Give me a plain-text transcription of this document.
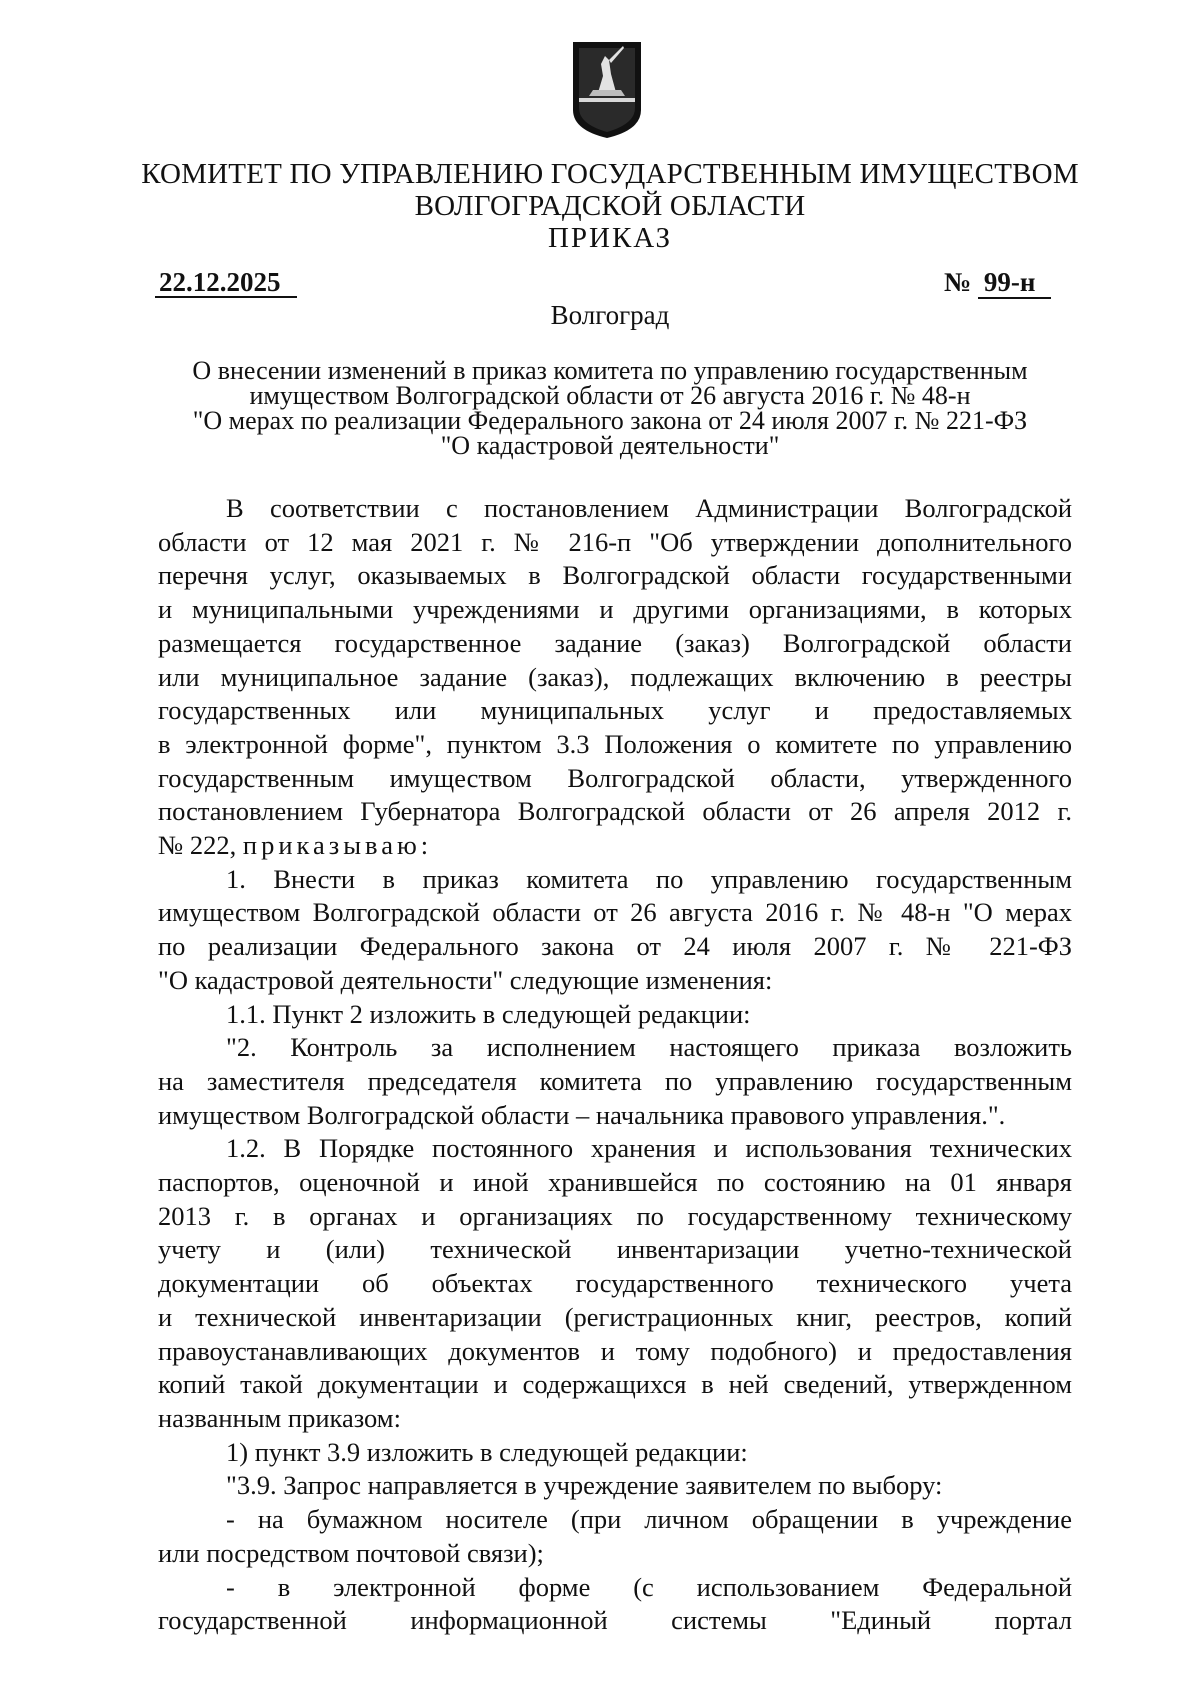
КОМИТЕТ ПО УПРАВЛЕНИЮ ГОСУДАРСТВЕННЫМ ИМУЩЕСТВОМ
ВОЛГОГРАДСКОЙ ОБЛАСТИ
ПРИКАЗ
22.12.2025	№ 99-н
Волгоград
О внесении изменений в приказ комитета по управлению государственным
имуществом Волгоградской области от 26 августа 2016 г. № 48-н
"О мерах по реализации Федерального закона от 24 июля 2007 г. № 221-ФЗ
"О кадастровой деятельности"

В соответствии с постановлением Администрации Волгоградской

области от 12 мая 2021 г. № 216-п "Об утверждении дополнительного

перечня услуг, оказываемых в Волгоградской области государственными

и муниципальными учреждениями и другими организациями, в которых

размещается государственное задание (заказ) Волгоградской области

или муниципальное задание (заказ), подлежащих включению в реестры

государственных или муниципальных услуг и предоставляемых

в электронной форме", пунктом 3.3 Положения о комитете по управлению

государственным имуществом Волгоградской области, утвержденного

постановлением Губернатора Волгоградской области от 26 апреля 2012 г.

№ 222, приказываю:

1. Внести в приказ комитета по управлению государственным

имуществом Волгоградской области от 26 августа 2016 г. № 48-н "О мерах

по реализации Федерального закона от 24 июля 2007 г. № 221-ФЗ

"О кадастровой деятельности" следующие изменения:

1.1. Пункт 2 изложить в следующей редакции:

"2. Контроль за исполнением настоящего приказа возложить

на заместителя председателя комитета по управлению государственным

имуществом Волгоградской области – начальника правового управления.".

1.2. В Порядке постоянного хранения и использования технических

паспортов, оценочной и иной хранившейся по состоянию на 01 января

2013 г. в органах и организациях по государственному техническому

учету и (или) технической инвентаризации учетно-технической

документации об объектах государственного технического учета

и технической инвентаризации (регистрационных книг, реестров, копий

правоустанавливающих документов и тому подобного) и предоставления

копий такой документации и содержащихся в ней сведений, утвержденном

названным приказом:

1) пункт 3.9 изложить в следующей редакции:

"3.9. Запрос направляется в учреждение заявителем по выбору:

- на бумажном носителе (при личном обращении в учреждение

или посредством почтовой связи);

- в электронной форме (с использованием Федеральной

государственной информационной системы "Единый портал
